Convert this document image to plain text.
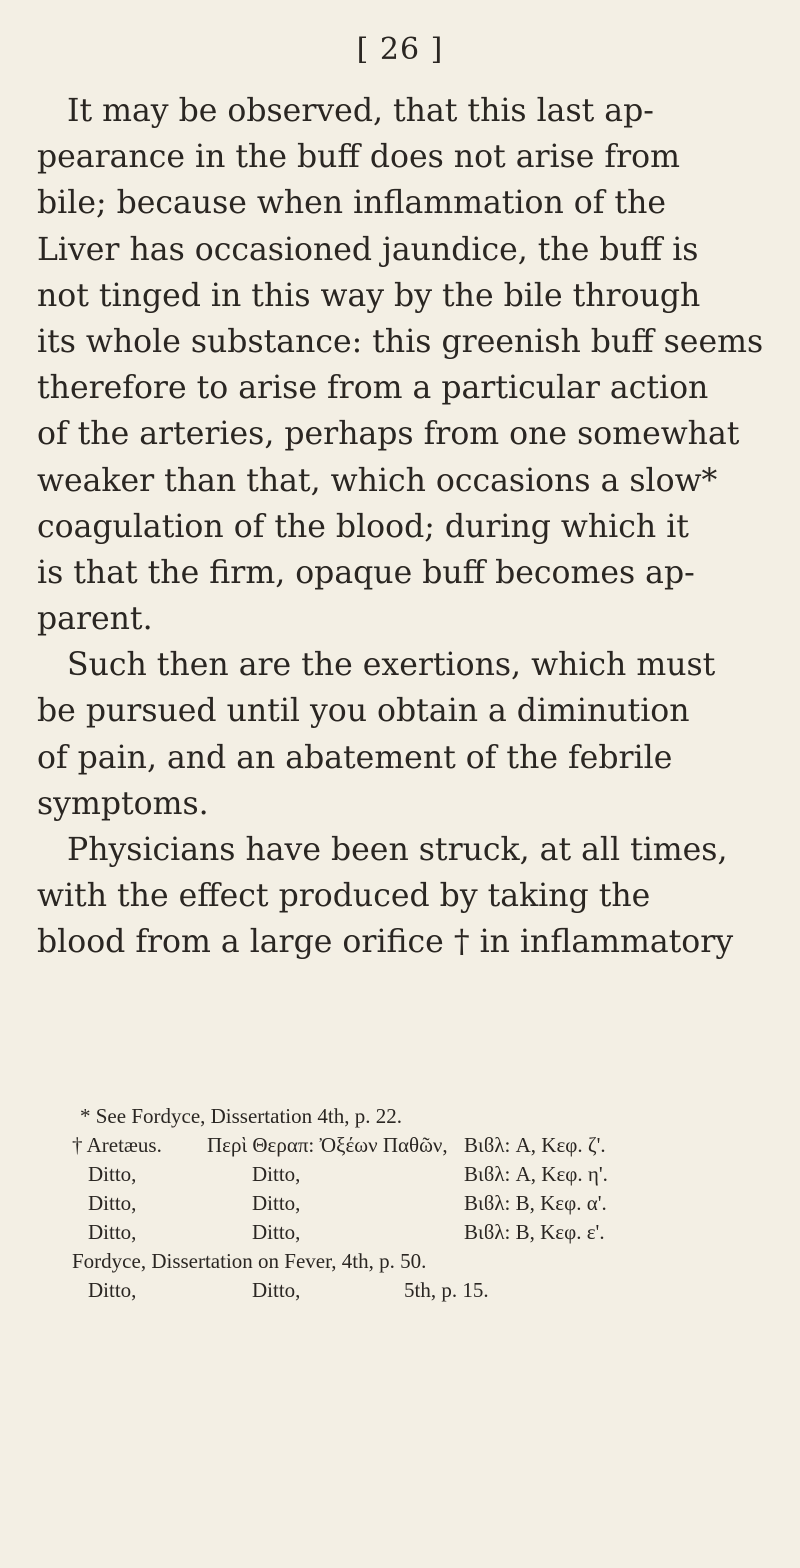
[ 26 ]
It may be observed, that this last ap-
pearance in the buff does not arise from
bile; because when inflammation of the
Liver has occasioned jaundice, the buff is
not tinged in this way by the bile through
its whole substance: this greenish buff seems
therefore to arise from a particular action
of the arteries, perhaps from one somewhat
weaker than that, which occasions a slow*
coagulation of the blood; during which it
is that the firm, opaque buff becomes ap-
parent.
Such then are the exertions, which must
be pursued until you obtain a diminution
of pain, and an abatement of the febrile
symptoms.
Physicians have been struck, at all times,
with the effect produced by taking the
blood from a large orifice † in inflammatory
* See Fordyce, Dissertation 4th, p. 22.
† Aretæus.	Περὶ Θεραπ: Ὀξέων Παθῶν, Βιϐλ: A, Κεφ. ζ'.
Ditto,	Ditto,	Βιϐλ: A, Κεφ. η'.
Ditto,	Ditto,	Βιϐλ: B, Κεφ. α'.
Ditto,	Ditto,	Βιϐλ: B, Κεφ. ε'.
Fordyce, Dissertation on Fever, 4th, p. 50.
Ditto,	Ditto,	5th, p. 15.
